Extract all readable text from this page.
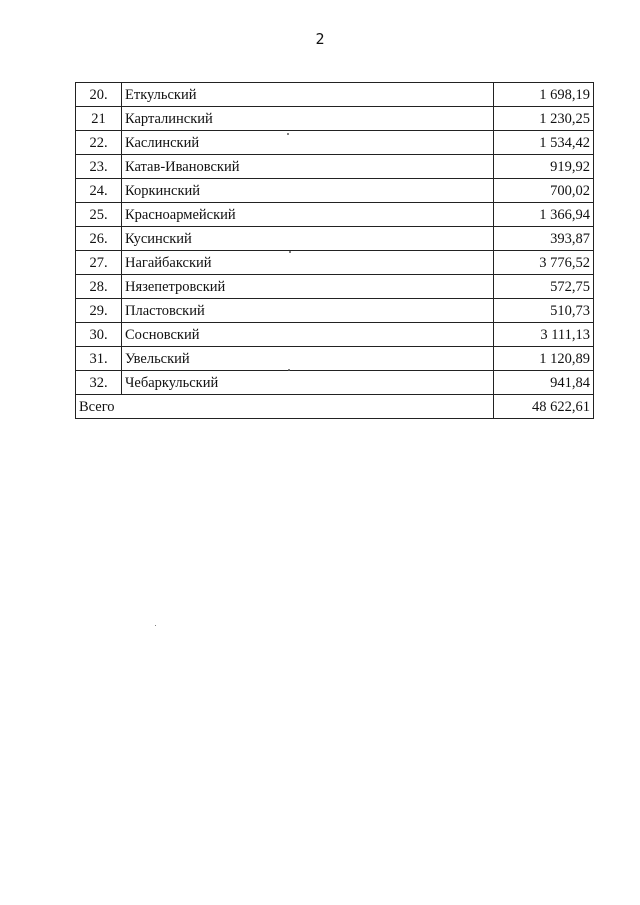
2
20.	Еткульский	1 698,19
21	Карталинский	1 230,25
22.	Каслинский	1 534,42
23.	Катав-Ивановский	919,92
24.	Коркинский	700,02
25.	Красноармейский	1 366,94
26.	Кусинский	393,87
27.	Нагайбакский	3 776,52
28.	Нязепетровский	572,75
29.	Пластовский	510,73
30.	Сосновский	3 111,13
31.	Увельский	1 120,89
32.	Чебаркульский	941,84
Всего		48 622,61
